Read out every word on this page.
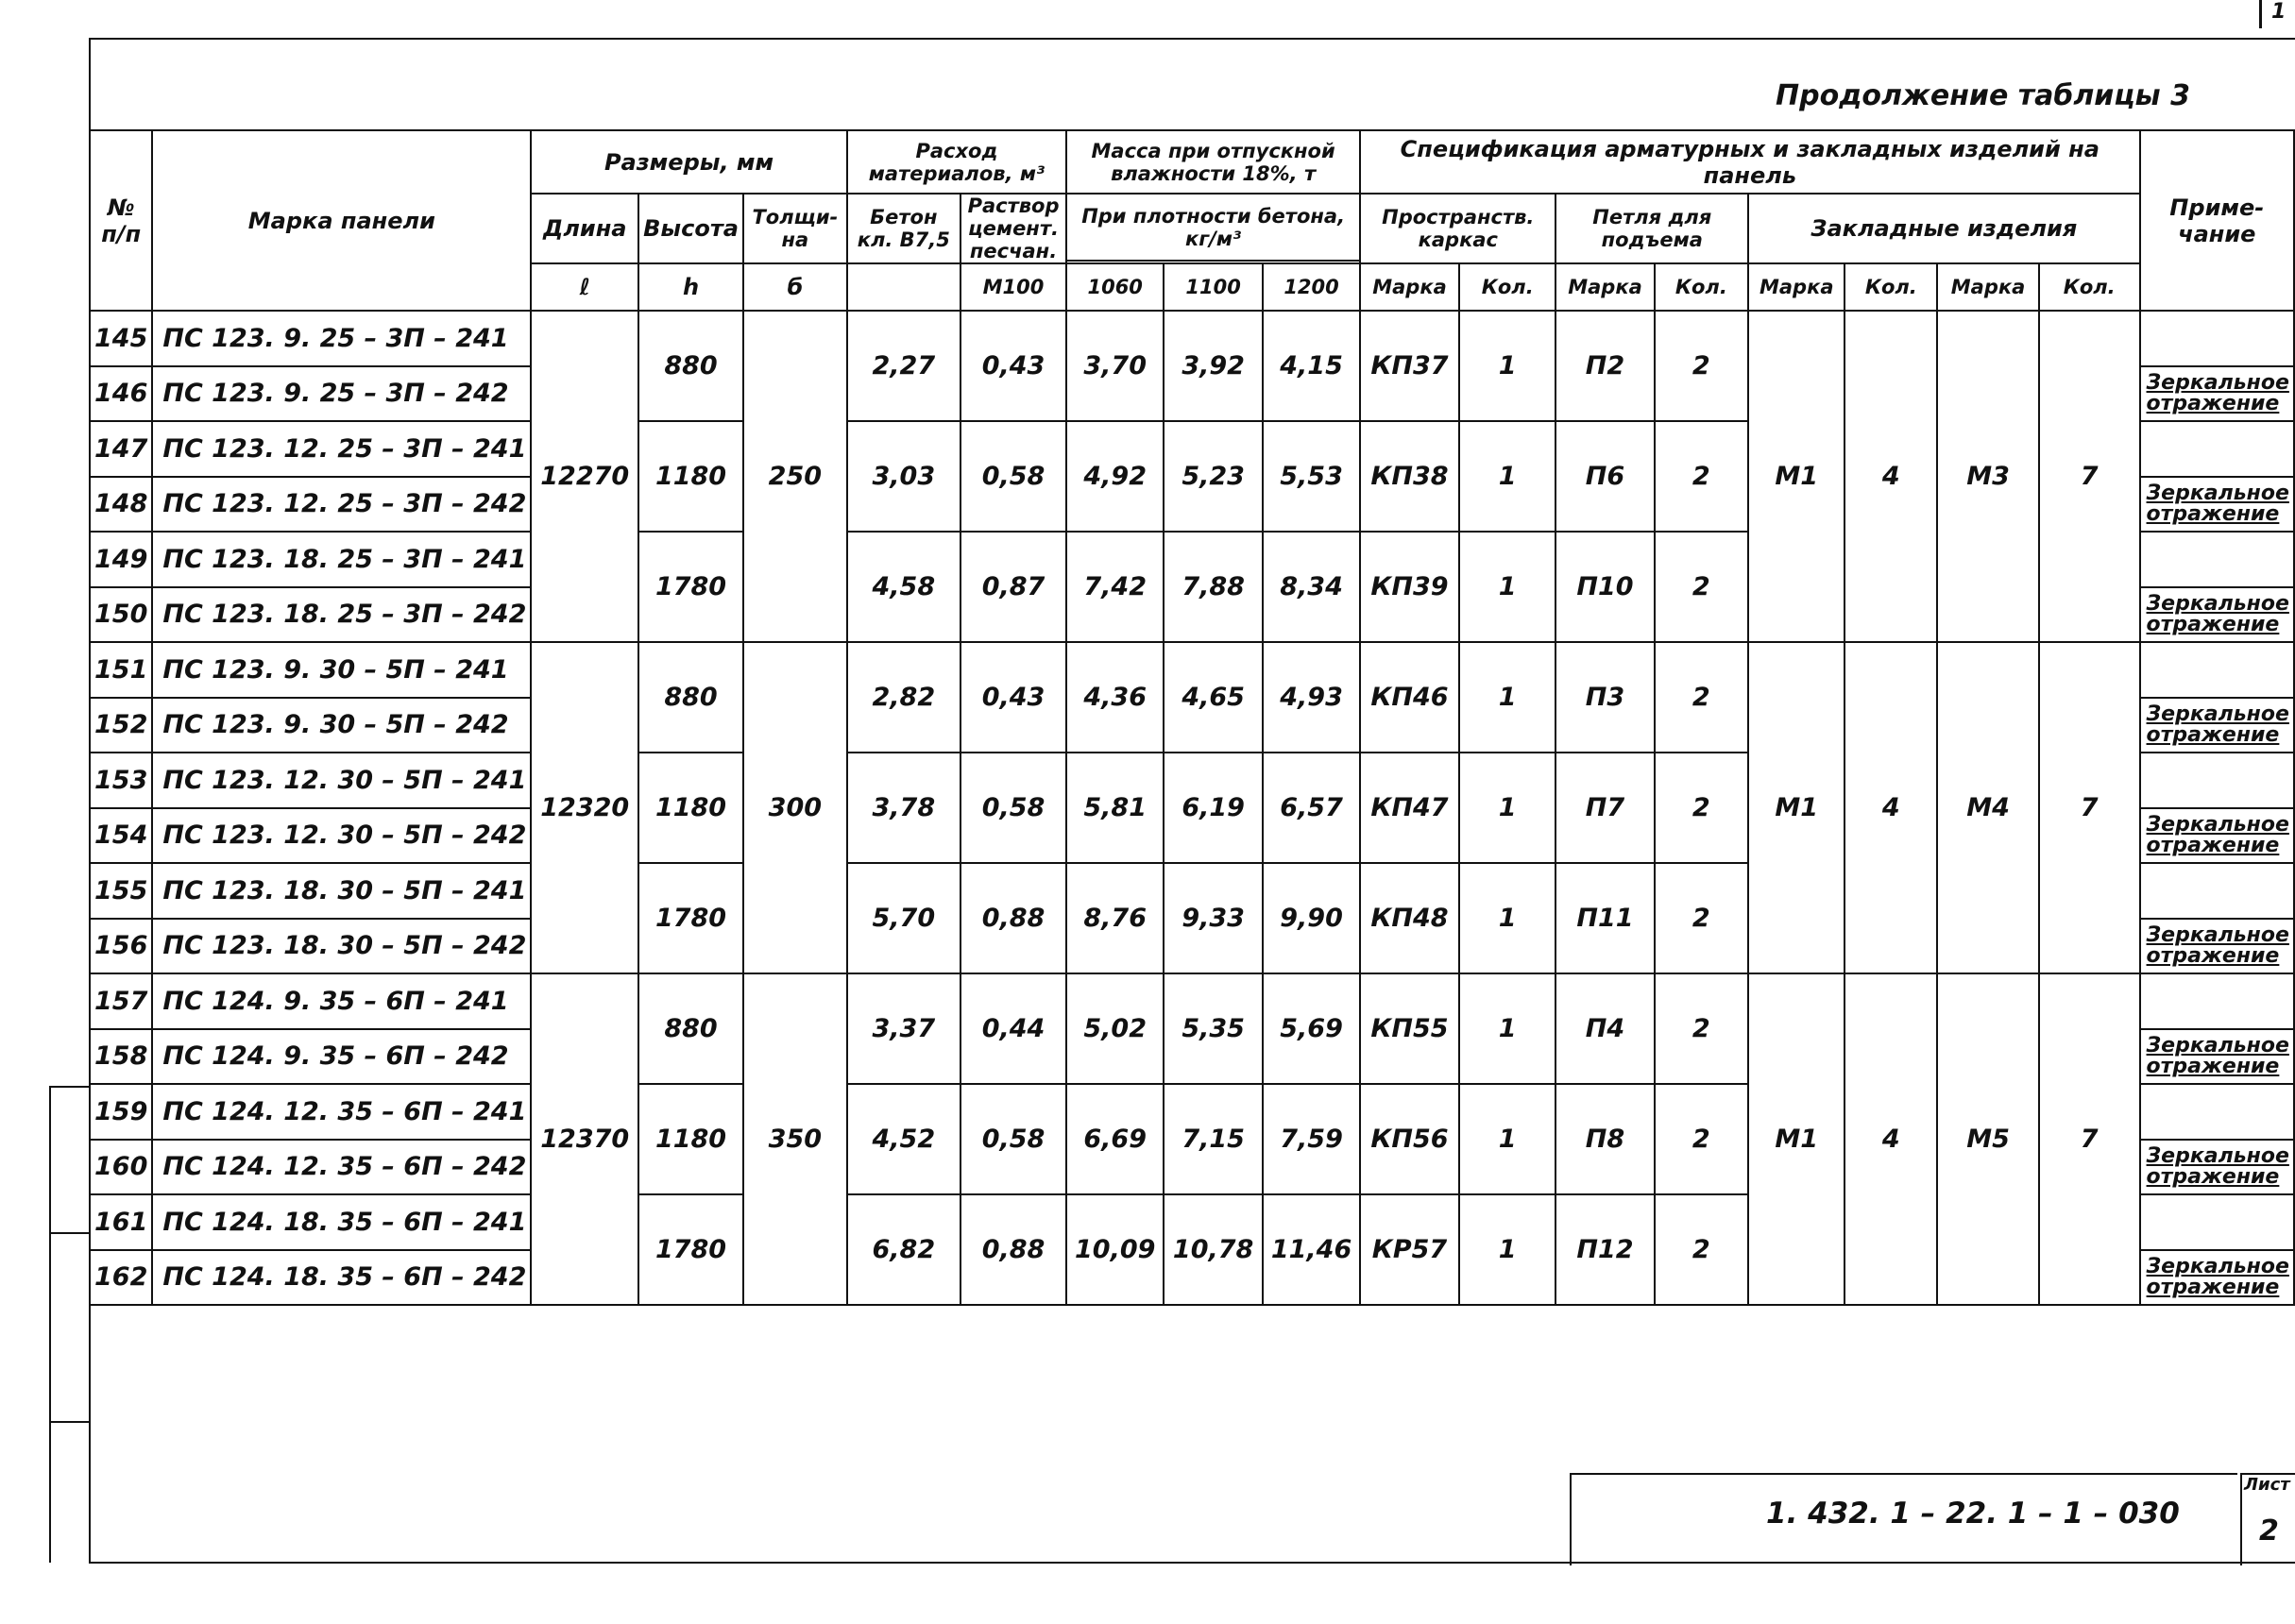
1
Продолжение таблицы 3
№ п/п	Марка панели	Размеры, мм			Расход материалов, м³		Масса при отпускной влажности 18%, т			Спецификация арматурных и закладных изделий на панель								Приме- чание
		Длина	Высота	Толщи- на	Бетон кл. В7,5	Раствор цемент. песчан.	При плотности бетона, кг/м³			Пространств. каркас		Петля для подъема		Закладные изделия				

		ℓ	h	б		М100	1060	1100	1200	Марка	Кол.	Марка	Кол.	Марка	Кол.	Марка	Кол.	
145	ПС 123. 9. 25 – 3П – 241	12270	880	250	2,27	0,43	3,70	3,92	4,15	КП37	1	П2	2	М1	4	М3	7	
146	ПС 123. 9. 25 – 3П – 242																	Зеркальное отражение
147	ПС 123. 12. 25 – 3П – 241		1180		3,03	0,58	4,92	5,23	5,53	КП38	1	П6	2					
148	ПС 123. 12. 25 – 3П – 242																	Зеркальное отражение
149	ПС 123. 18. 25 – 3П – 241		1780		4,58	0,87	7,42	7,88	8,34	КП39	1	П10	2					
150	ПС 123. 18. 25 – 3П – 242																	Зеркальное отражение
151	ПС 123. 9. 30 – 5П – 241	12320	880	300	2,82	0,43	4,36	4,65	4,93	КП46	1	П3	2	М1	4	М4	7	
152	ПС 123. 9. 30 – 5П – 242																	Зеркальное отражение
153	ПС 123. 12. 30 – 5П – 241		1180		3,78	0,58	5,81	6,19	6,57	КП47	1	П7	2					
154	ПС 123. 12. 30 – 5П – 242																	Зеркальное отражение
155	ПС 123. 18. 30 – 5П – 241		1780		5,70	0,88	8,76	9,33	9,90	КП48	1	П11	2					
156	ПС 123. 18. 30 – 5П – 242																	Зеркальное отражение
157	ПС 124. 9. 35 – 6П – 241	12370	880	350	3,37	0,44	5,02	5,35	5,69	КП55	1	П4	2	М1	4	М5	7	
158	ПС 124. 9. 35 – 6П – 242																	Зеркальное отражение
159	ПС 124. 12. 35 – 6П – 241		1180		4,52	0,58	6,69	7,15	7,59	КП56	1	П8	2					
160	ПС 124. 12. 35 – 6П – 242																	Зеркальное отражение
161	ПС 124. 18. 35 – 6П – 241		1780		6,82	0,88	10,09	10,78	11,46	КР57	1	П12	2					
162	ПС 124. 18. 35 – 6П – 242																	Зеркальное отражение
1. 432. 1 – 22. 1 – 1 – 030
Лист
2
